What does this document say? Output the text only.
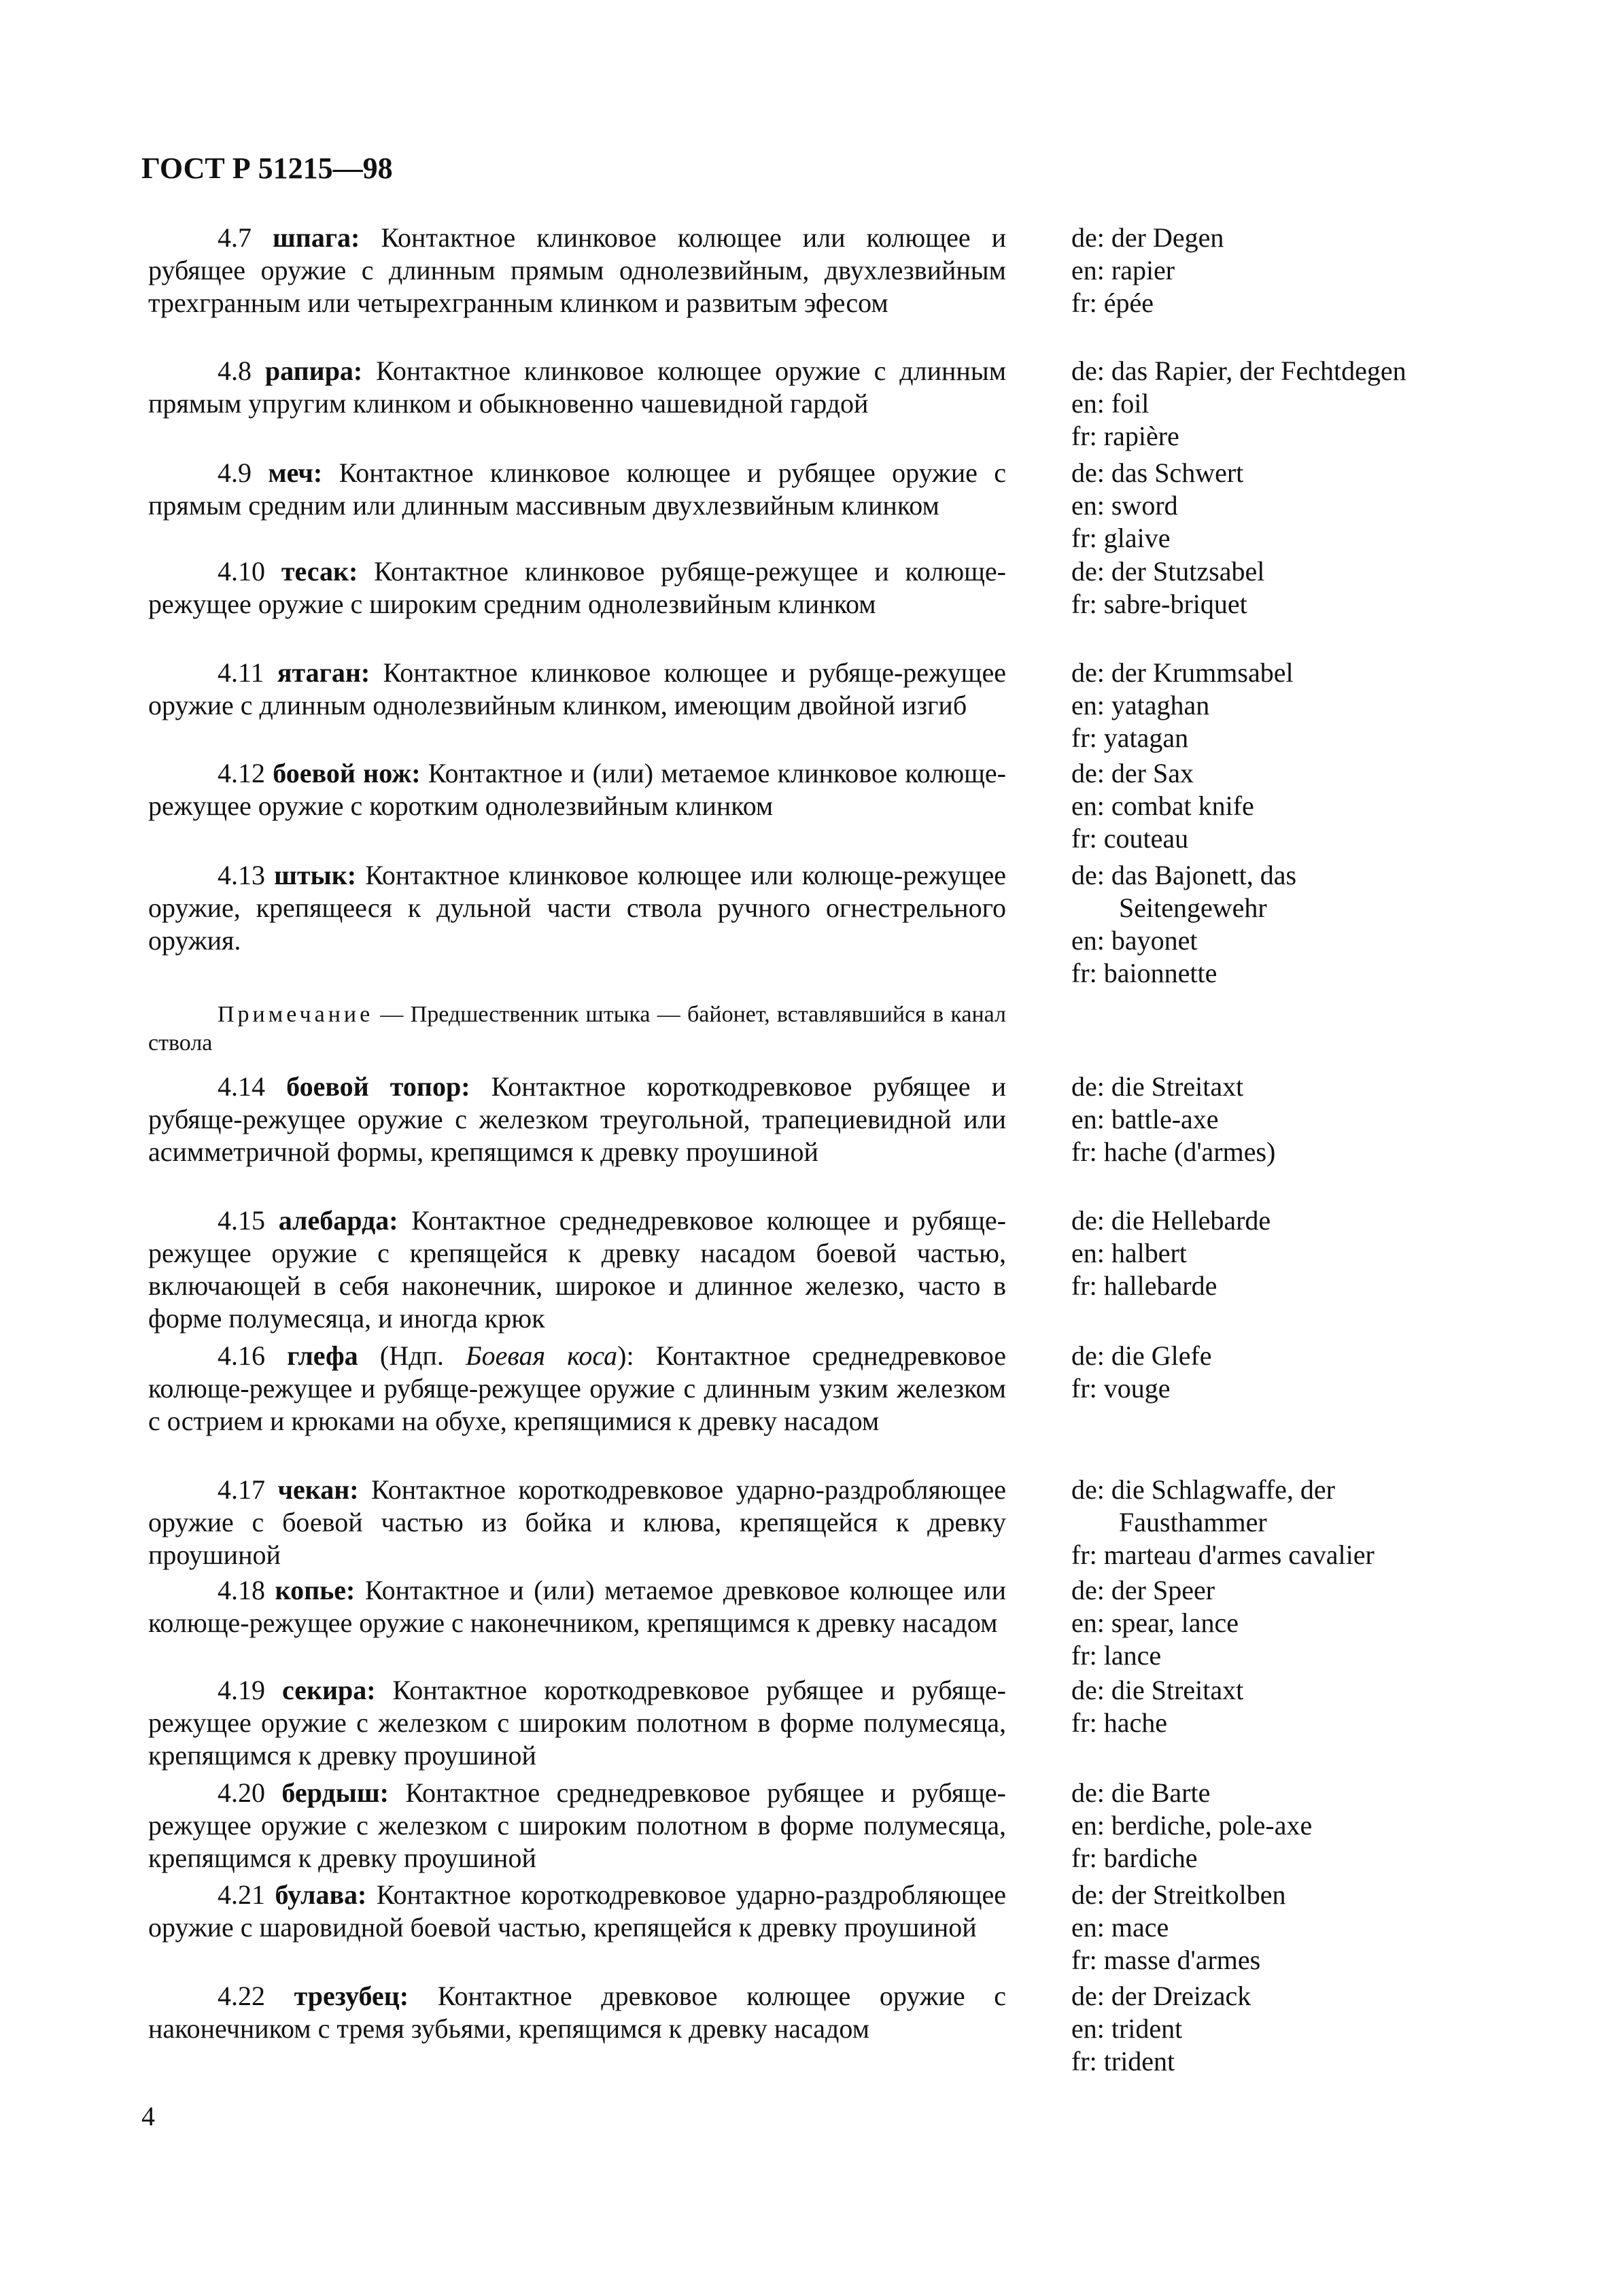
ГОСТ Р 51215—98
4.7 шпага: Контактное клинковое колющее или колющее и рубящее оружие с длинным прямым однолезвийным, двухлезвийным трехгранным или четырехгранным клинком и развитым эфесом
de: der Degen
en: rapier
fr: épée
4.8 рапира: Контактное клинковое колющее оружие с длинным прямым упругим клинком и обыкновенно чашевидной гардой
de: das Rapier, der Fechtdegen
en: foil
fr: rapière
4.9 меч: Контактное клинковое колющее и рубящее оружие с прямым средним или длинным массивным двухлезвийным клинком
de: das Schwert
en: sword
fr: glaive
4.10 тесак: Контактное клинковое рубяще-режущее и колюще-режущее оружие с широким средним однолезвийным клинком
de: der Stutzsabel
fr: sabre-briquet
4.11 ятаган: Контактное клинковое колющее и рубяще-режущее оружие с длинным однолезвийным клинком, имеющим двойной изгиб
de: der Krummsabel
en: yataghan
fr: yatagan
4.12 боевой нож: Контактное и (или) метаемое клинковое колюще-режущее оружие с коротким однолезвийным клинком
de: der Sax
en: combat knife
fr: couteau
4.13 штык: Контактное клинковое колющее или колюще-режущее оружие, крепящееся к дульной части ствола ручного огнестрельного оружия.
de: das Bajonett, das
Seitengewehr
en: bayonet
fr: baionnette
4.14 боевой топор: Контактное короткодревковое рубящее и рубяще-режущее оружие с железком треугольной, трапециевидной или асимметричной формы, крепящимся к древку проушиной
de: die Streitaxt
en: battle-axe
fr: hache (d'armes)
4.15 алебарда: Контактное среднедревковое колющее и рубяще-режущее оружие с крепящейся к древку насадом боевой частью, включающей в себя наконечник, широкое и длинное железко, часто в форме полумесяца, и иногда крюк
de: die Hellebarde
en: halbert
fr: hallebarde
4.16 глефа (Ндп. Боевая коса): Контактное среднедревковое колюще-режущее и рубяще-режущее оружие с длинным узким железком с острием и крюками на обухе, крепящимися к древку насадом
de: die Glefe
fr: vouge
4.17 чекан: Контактное короткодревковое ударно-раздробляющее оружие с боевой частью из бойка и клюва, крепящейся к древку проушиной
de: die Schlagwaffe, der
Fausthammer
fr: marteau d'armes cavalier
4.18 копье: Контактное и (или) метаемое древковое колющее или колюще-режущее оружие с наконечником, крепящимся к древку насадом
de: der Speer
en: spear, lance
fr: lance
4.19 секира: Контактное короткодревковое рубящее и рубяще-режущее оружие с железком с широким полотном в форме полумесяца, крепящимся к древку проушиной
de: die Streitaxt
fr: hache
4.20 бердыш: Контактное среднедревковое рубящее и рубяще-режущее оружие с железком с широким полотном в форме полумесяца, крепящимся к древку проушиной
de: die Barte
en: berdiche, pole-axe
fr: bardiche
4.21 булава: Контактное короткодревковое ударно-раздробляющее оружие с шаровидной боевой частью, крепящейся к древку проушиной
de: der Streitkolben
en: mace
fr: masse d'armes
4.22 трезубец: Контактное древковое колющее оружие с наконечником с тремя зубьями, крепящимся к древку насадом
de: der Dreizack
en: trident
fr: trident
Примечание — Предшественник штыка — байонет, вставлявшийся в канал ствола
4
